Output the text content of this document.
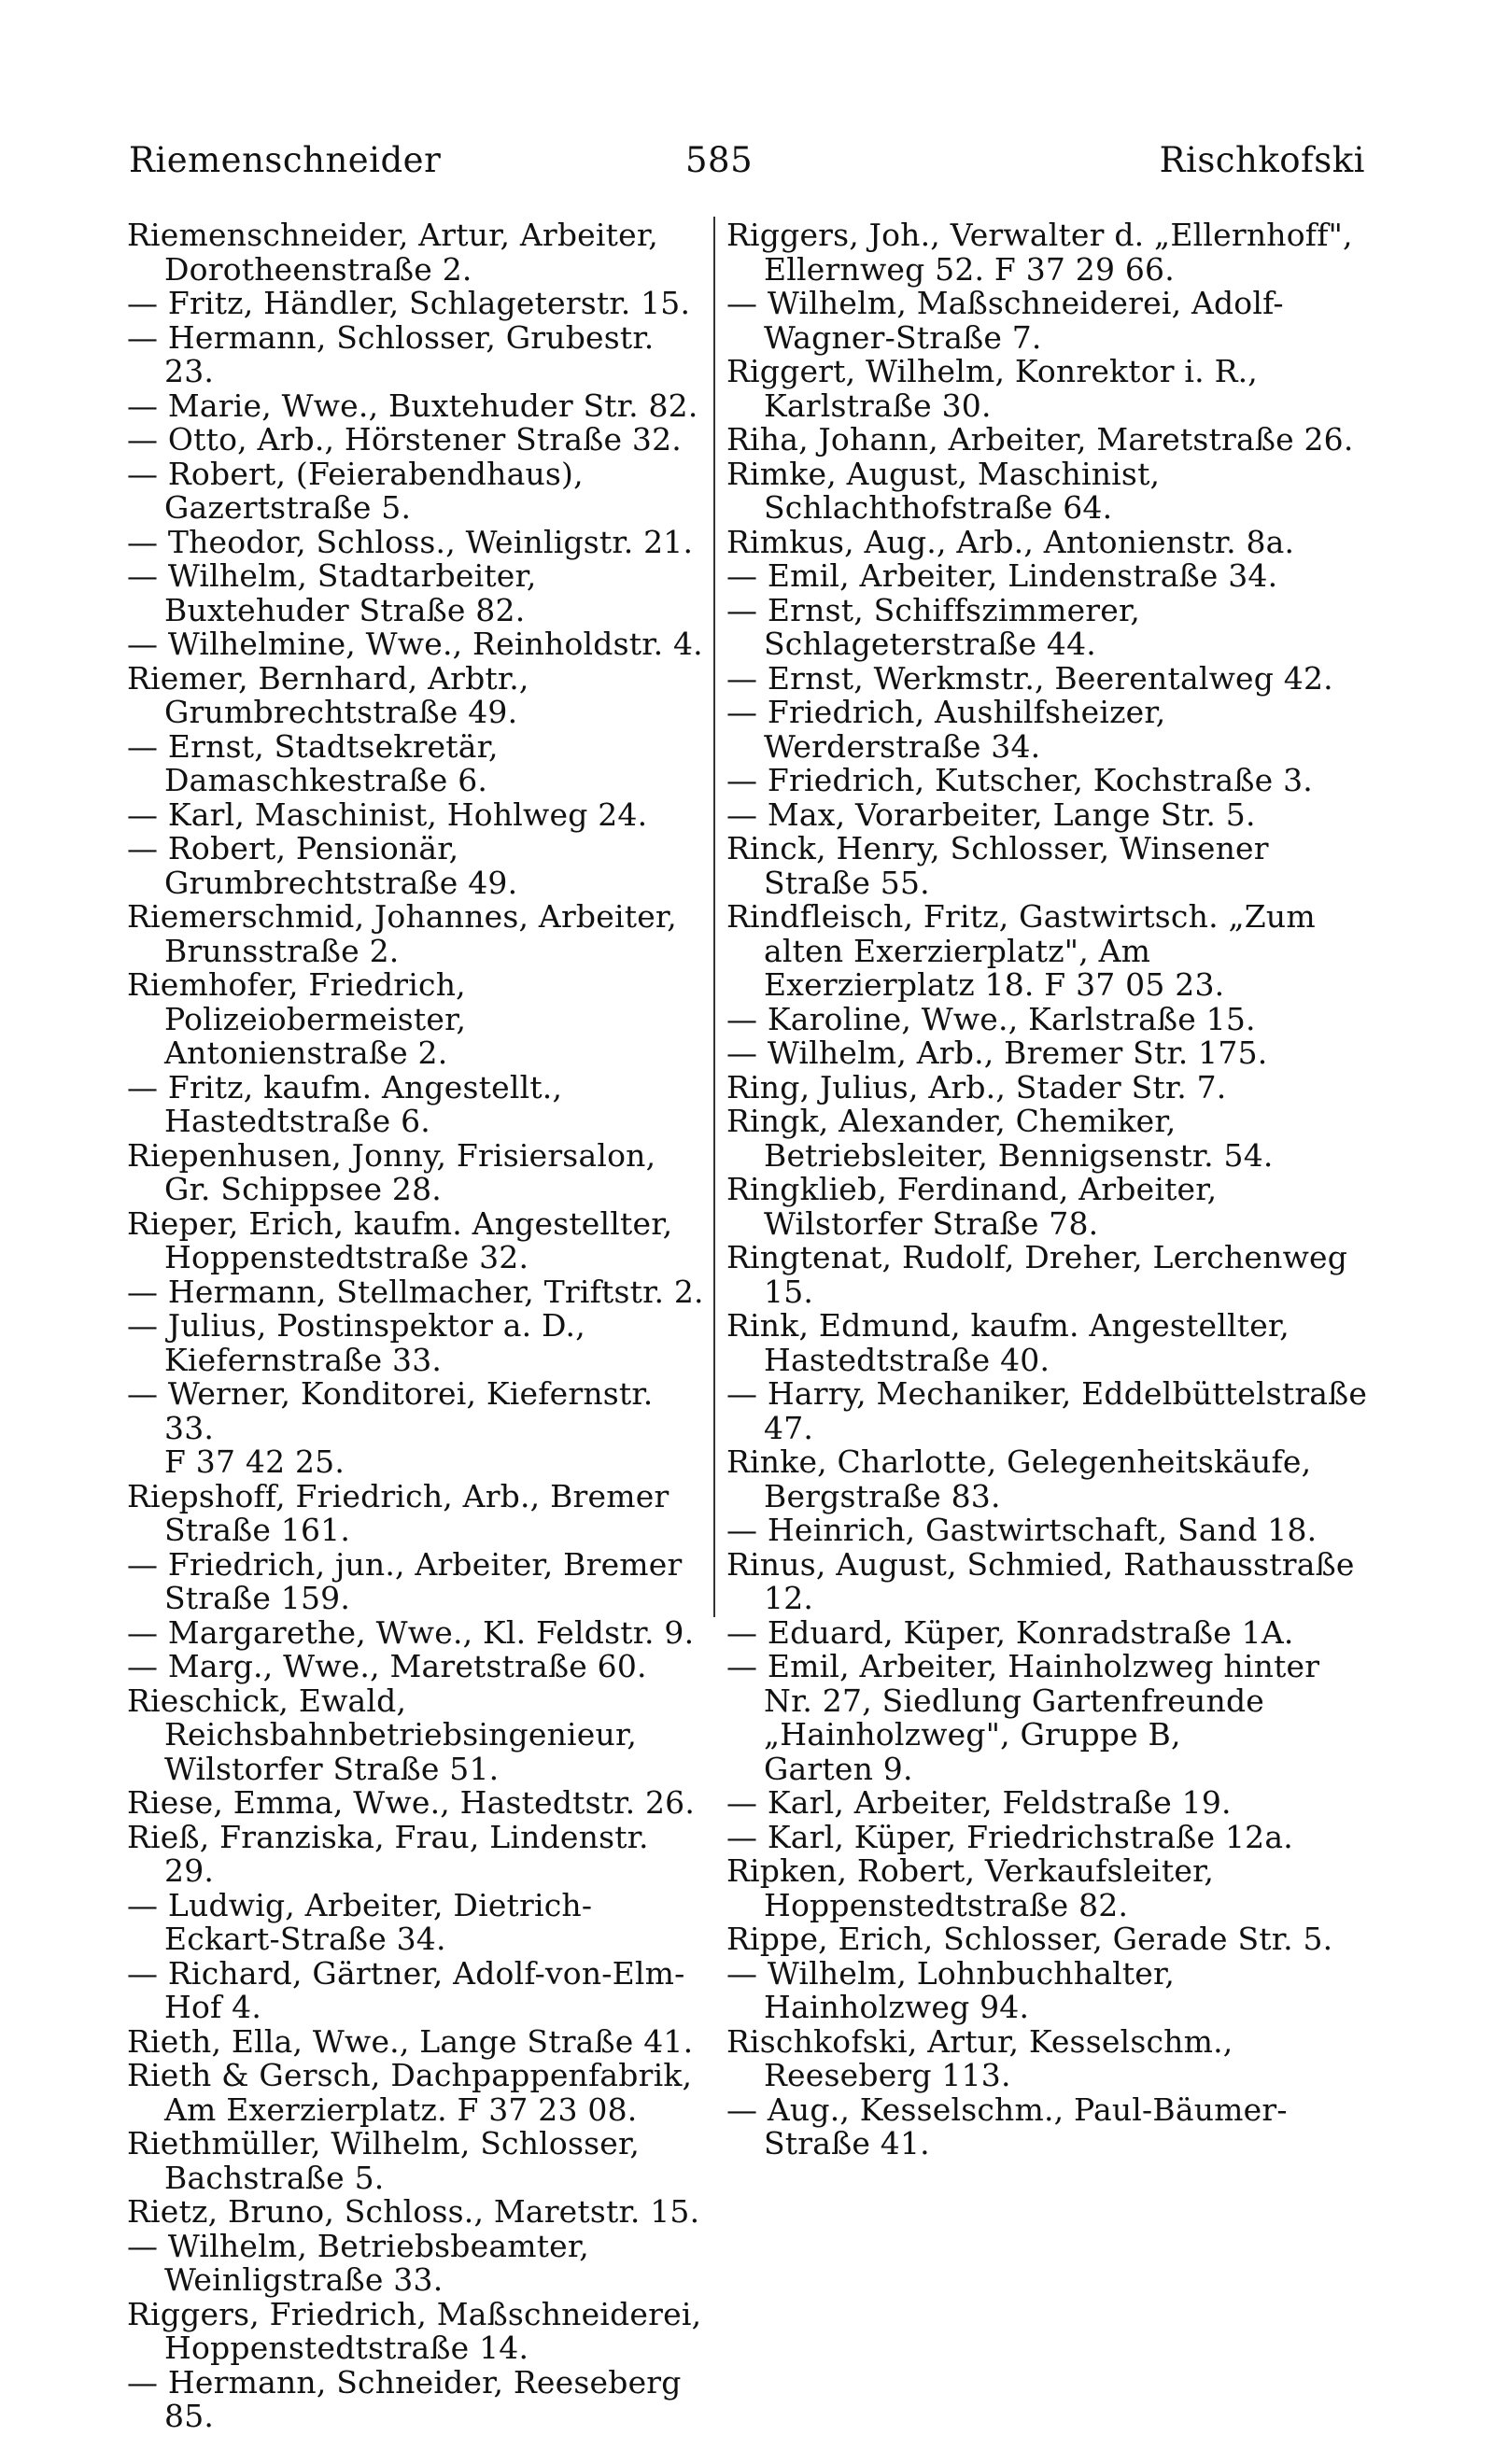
Riemenschneider	585	Rischkofski

Riemenschneider, Artur, Arbeiter,
Dorotheenstraße 2.

— Fritz, Händler, Schlageterstr. 15.

— Hermann, Schlosser, Grubestr. 23.

— Marie, Wwe., Buxtehuder Str. 82.

— Otto, Arb., Hörstener Straße 32.

— Robert, (Feierabendhaus), Gazertstraße 5.

— Theodor, Schloss., Weinligstr. 21.

— Wilhelm, Stadtarbeiter, Buxtehuder Straße 82.

— Wilhelmine, Wwe., Reinholdstr. 4.

Riemer, Bernhard, Arbtr., Grumbrechtstraße 49.

— Ernst, Stadtsekretär, Damaschkestraße 6.

— Karl, Maschinist, Hohlweg 24.

— Robert, Pensionär, Grumbrechtstraße 49.

Riemerschmid, Johannes, Arbeiter,
Brunsstraße 2.

Riemhofer, Friedrich, Polizeiobermeister, Antonienstraße 2.

— Fritz, kaufm. Angestellt., Hastedtstraße 6.

Riepenhusen, Jonny, Frisiersalon,
Gr. Schippsee 28.

Rieper, Erich, kaufm. Angestellter,
Hoppenstedtstraße 32.

— Hermann, Stellmacher, Triftstr. 2.

— Julius, Postinspektor a. D.,
Kiefernstraße 33.

— Werner, Konditorei, Kiefernstr. 33.
F 37 42 25.

Riepshoff, Friedrich, Arb., Bremer
Straße 161.

— Friedrich, jun., Arbeiter, Bremer
Straße 159.

— Margarethe, Wwe., Kl. Feldstr. 9.

— Marg., Wwe., Maretstraße 60.

Rieschick, Ewald, Reichsbahnbetriebsingenieur, Wilstorfer Straße 51.

Riese, Emma, Wwe., Hastedtstr. 26.

Rieß, Franziska, Frau, Lindenstr. 29.

— Ludwig, Arbeiter, Dietrich-Eckart-Straße 34.

— Richard, Gärtner, Adolf-von-Elm-Hof 4.

Rieth, Ella, Wwe., Lange Straße 41.

Rieth & Gersch, Dachpappenfabrik,
Am Exerzierplatz. F 37 23 08.

Riethmüller, Wilhelm, Schlosser,
Bachstraße 5.

Rietz, Bruno, Schloss., Maretstr. 15.

— Wilhelm, Betriebsbeamter,
Weinligstraße 33.

Riggers, Friedrich, Maßschneiderei,
Hoppenstedtstraße 14.

— Hermann, Schneider, Reeseberg 85.

Riggers, Joh., Verwalter d. „Ellernhoff", Ellernweg 52. F 37 29 66.

— Wilhelm, Maßschneiderei, Adolf-Wagner-Straße 7.

Riggert, Wilhelm, Konrektor i. R.,
Karlstraße 30.

Riha, Johann, Arbeiter, Maretstraße 26.

Rimke, August, Maschinist, Schlachthofstraße 64.

Rimkus, Aug., Arb., Antonienstr. 8a.

— Emil, Arbeiter, Lindenstraße 34.

— Ernst, Schiffszimmerer,
Schlageterstraße 44.

— Ernst, Werkmstr., Beerentalweg 42.

— Friedrich, Aushilfsheizer, Werderstraße 34.

— Friedrich, Kutscher, Kochstraße 3.

— Max, Vorarbeiter, Lange Str. 5.

Rinck, Henry, Schlosser, Winsener
Straße 55.

Rindfleisch, Fritz, Gastwirtsch. „Zum alten Exerzierplatz", Am Exerzierplatz 18. F 37 05 23.

— Karoline, Wwe., Karlstraße 15.

— Wilhelm, Arb., Bremer Str. 175.

Ring, Julius, Arb., Stader Str. 7.

Ringk, Alexander, Chemiker, Betriebsleiter, Bennigsenstr. 54.

Ringklieb, Ferdinand, Arbeiter,
Wilstorfer Straße 78.

Ringtenat, Rudolf, Dreher, Lerchenweg 15.

Rink, Edmund, kaufm. Angestellter,
Hastedtstraße 40.

— Harry, Mechaniker, Eddelbüttelstraße 47.

Rinke, Charlotte, Gelegenheitskäufe,
Bergstraße 83.

— Heinrich, Gastwirtschaft, Sand 18.

Rinus, August, Schmied, Rathausstraße 12.

— Eduard, Küper, Konradstraße 1A.

— Emil, Arbeiter, Hainholzweg hinter Nr. 27, Siedlung Gartenfreunde „Hainholzweg", Gruppe B,
Garten 9.

— Karl, Arbeiter, Feldstraße 19.

— Karl, Küper, Friedrichstraße 12a.

Ripken, Robert, Verkaufsleiter,
Hoppenstedtstraße 82.

Rippe, Erich, Schlosser, Gerade Str. 5.

— Wilhelm, Lohnbuchhalter, Hainholzweg 94.

Rischkofski, Artur, Kesselschm., Reeseberg 113.

— Aug., Kesselschm., Paul-Bäumer-Straße 41.
